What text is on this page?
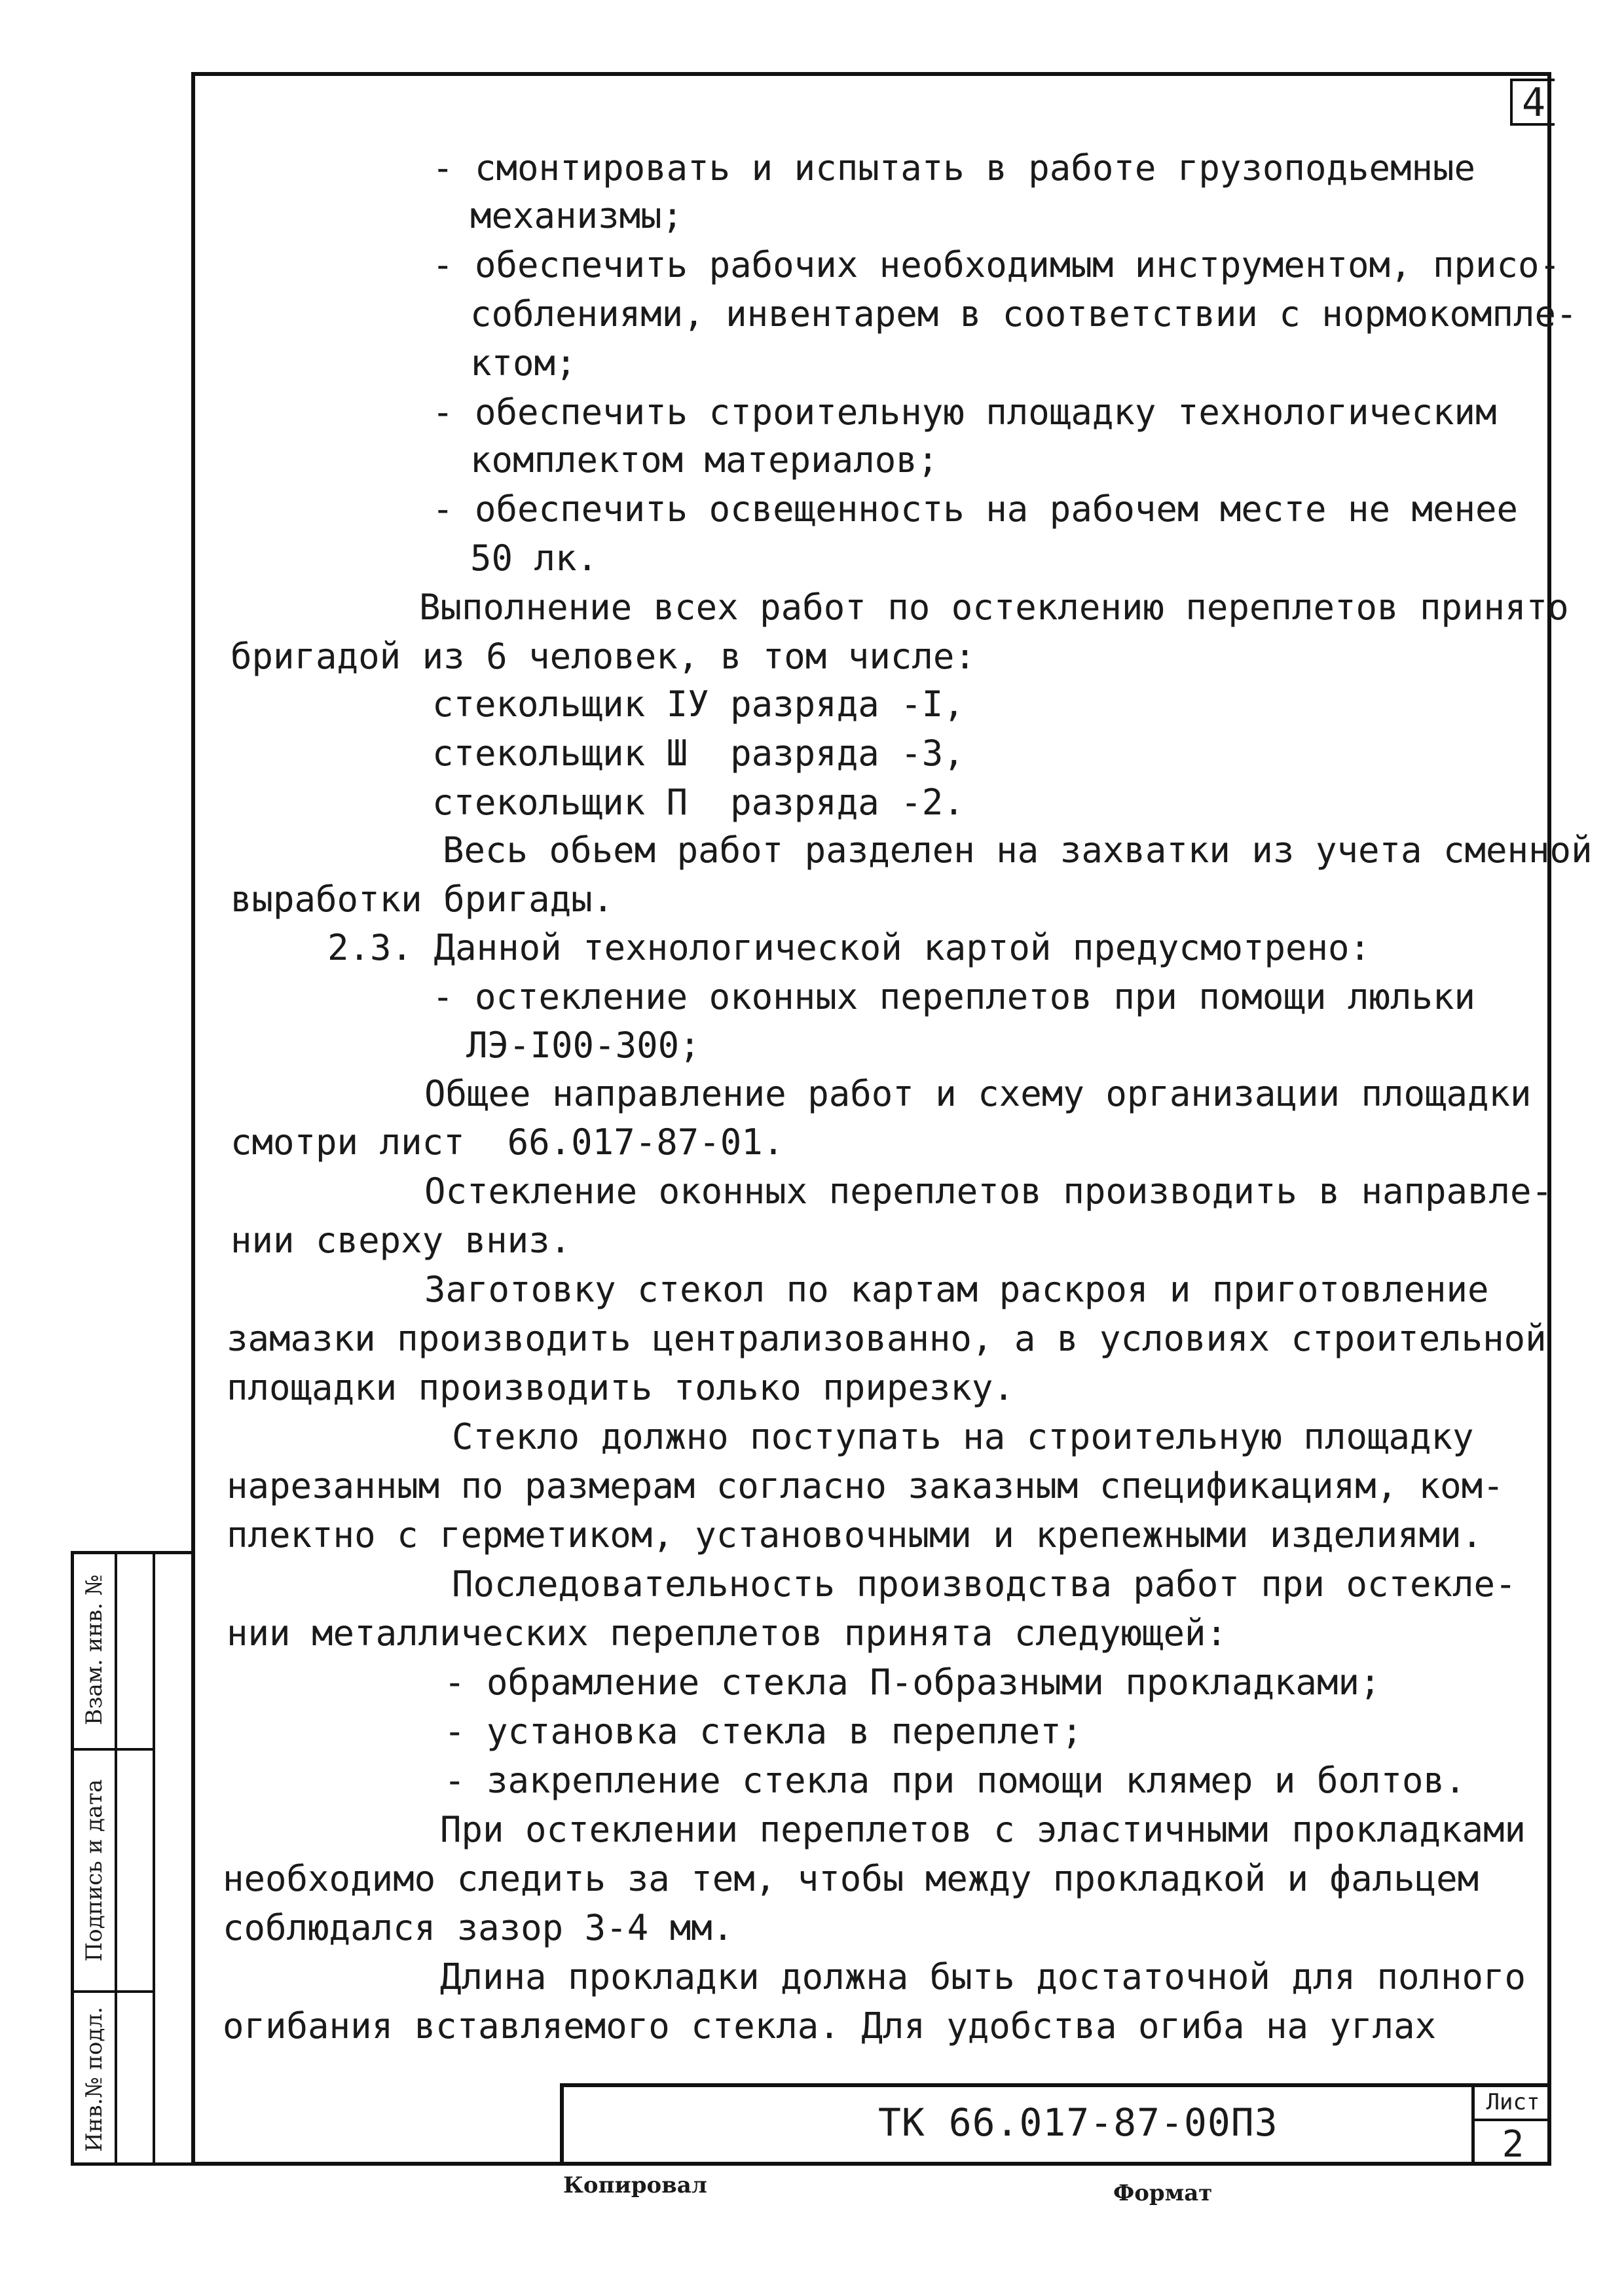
4
- смонтировать и испытать в работе грузоподьемные
механизмы;
- обеспечить рабочих необходимым инструментом, присо-
соблениями, инвентарем в соответствии с нормокомпле-
ктом;
- обеспечить строительную площадку технологическим
комплектом материалов;
- обеспечить освещенность на рабочем месте не менее
50 лк.
Выполнение всех работ по остеклению переплетов принято
бригадой из 6 человек, в том числе:
стекольщик IУ разряда -I,
стекольщик Ш  разряда -3,
стекольщик П  разряда -2.
Весь обьем работ разделен на захватки из учета сменной
выработки бригады.
2.3. Данной технологической картой предусмотрено:
- остекление оконных переплетов при помощи люльки
ЛЭ-I00-300;
Общее направление работ и схему организации площадки
смотри лист  66.017-87-01.
Остекление оконных переплетов производить в направле-
нии сверху вниз.
Заготовку стекол по картам раскроя и приготовление
замазки производить централизованно, а в условиях строительной
площадки производить только прирезку.
Стекло должно поступать на строительную площадку
нарезанным по размерам согласно заказным спецификациям, ком-
плектно с герметиком, установочными и крепежными изделиями.
Последовательность производства работ при остекле-
нии металлических переплетов принята следующей:
- обрамление стекла П-образными прокладками;
- установка стекла в переплет;
- закрепление стекла при помощи клямер и болтов.
При остеклении переплетов с эластичными прокладками
необходимо следить за тем, чтобы между прокладкой и фальцем
соблюдался зазор 3-4 мм.
Длина прокладки должна быть достаточной для полного
огибания вставляемого стекла. Для удобства огиба на углах
Взам. инв. №
Подпись и дата
Инв.№ подл.	ТК 66.017-87-00ПЗ	Лист
2
Копировал	Формат
